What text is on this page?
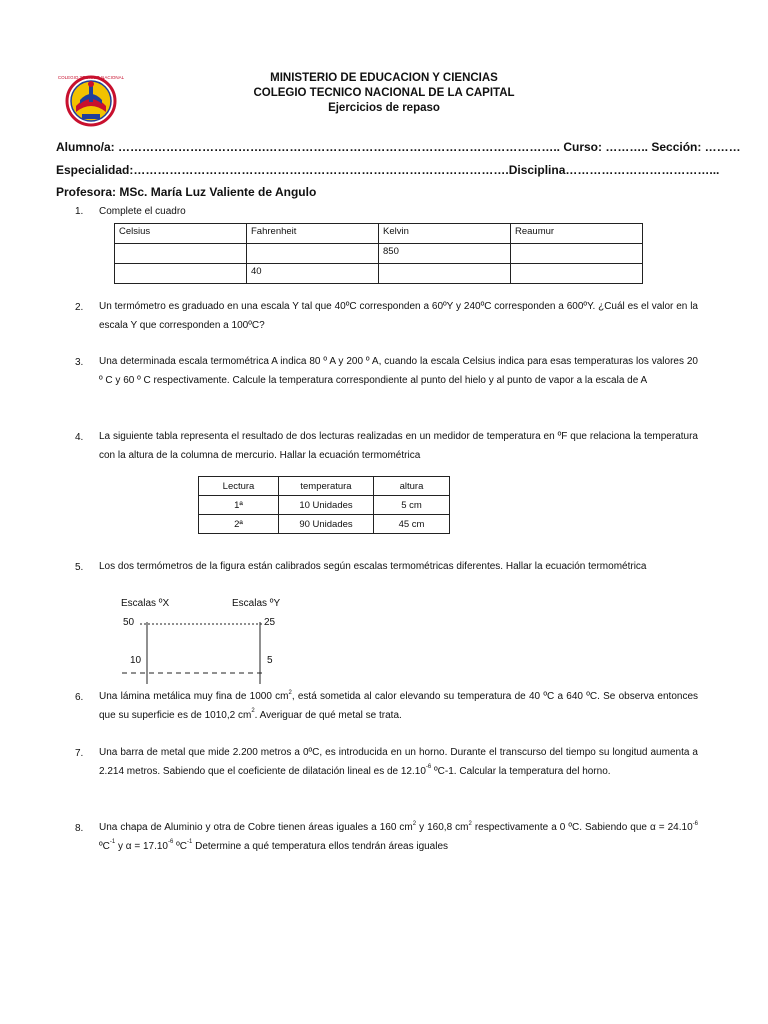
COLEGIO TECNICO NACIONAL	MINISTERIO DE EDUCACION Y CIENCIAS
COLEGIO TECNICO NACIONAL DE LA CAPITAL
Ejercicios de repaso
Alumno/a: ……………………………….……………………………………………………………….. Curso: ……….. Sección: ………
Especialidad:………………………………………………………………………………….Disciplina………………………………...
Profesora: MSc. María Luz Valiente de Angulo
1. Complete el cuadro
Celsius	Fahrenheit	Kelvin	Reaumur
		850	
	40		
2. Un termómetro es graduado en una escala Y tal que 40ºC corresponden a 60ºY y 240ºC corresponden a 600ºY. ¿Cuál es el valor en la escala Y que corresponden a 100ºC?
3. Una determinada escala termométrica A indica 80 º A y 200 º A, cuando la escala Celsius indica para esas temperaturas los valores 20 º C y 60 º C respectivamente. Calcule la temperatura correspondiente al punto del hielo y al punto de vapor a la escala de A
4. La siguiente tabla representa el resultado de dos lecturas realizadas en un medidor de temperatura en ºF que relaciona la temperatura con la altura de la columna de mercurio. Hallar la ecuación termométrica
Lectura	temperatura	altura
1ª	10 Unidades	5 cm
2ª	90 Unidades	45 cm
5. Los dos termómetros de la figura están calibrados según escalas termométricas diferentes. Hallar la ecuación termométrica
Escalas ºX	Escalas ºY
50	25
10	5
6. Una lámina metálica muy fina de 1000 $cm^2$, está sometida al calor elevando su temperatura de 40 ºC a 640 ºC. Se observa entonces que su superficie es de 1010,2 $cm^2$. Averiguar de qué metal se trata.
7. Una barra de metal que mide 2.200 metros a 0ºC, es introducida en un horno. Durante el transcurso del tiempo su longitud aumenta a 2.214 metros. Sabiendo que el coeficiente de dilatación lineal es de $12.10^{-6}$ ºC-1. Calcular la temperatura del horno.
8. Una chapa de Aluminio y otra de Cobre tienen áreas iguales a 160 $cm^2$ y 160,8 $cm^2$ respectivamente a 0 ºC. Sabiendo que $\alpha = 24.10^{-6}$ ºC$^{-1}$ y $\alpha = 17.10^{-6}$ ºC$^{-1}$ Determine a qué temperatura ellos tendrán áreas iguales
